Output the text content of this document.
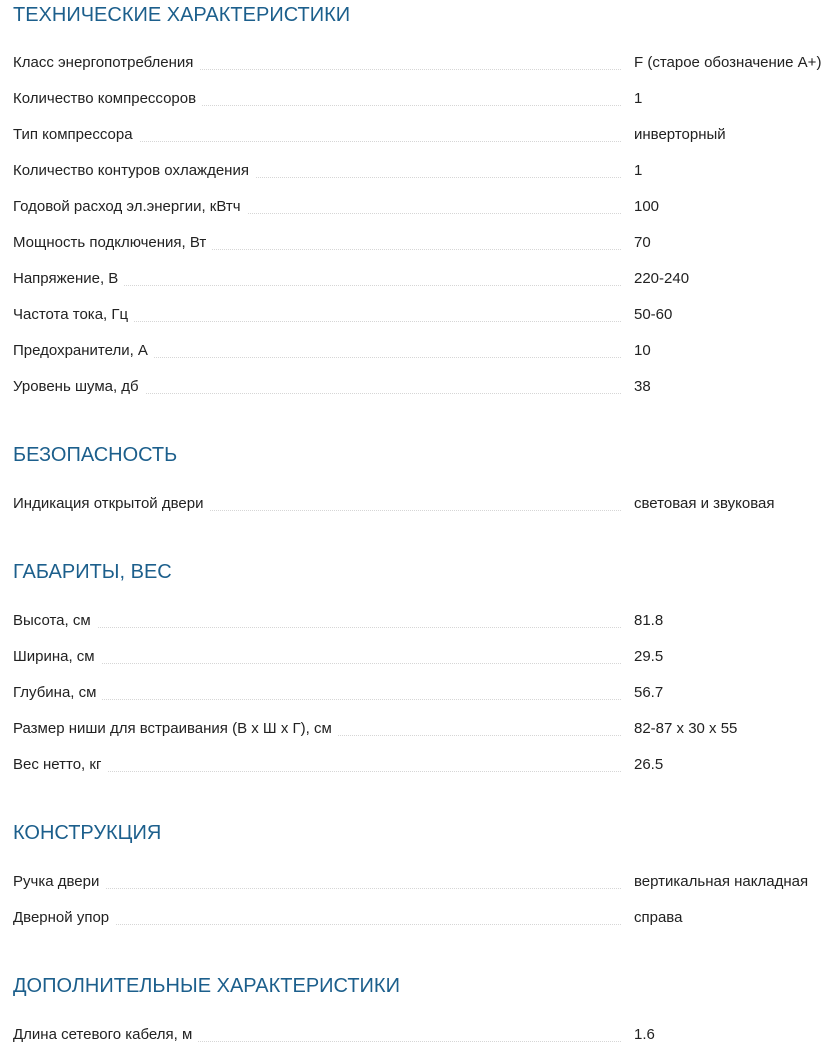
ТЕХНИЧЕСКИЕ ХАРАКТЕРИСТИКИ
Класс энергопотребления	F (старое обозначение А+)
Количество компрессоров	1
Тип компрессора	инверторный
Количество контуров охлаждения	1
Годовой расход эл.энергии, кВтч	100
Мощность подключения, Вт	70
Напряжение, В	220-240
Частота тока, Гц	50-60
Предохранители, А	10
Уровень шума, дб	38
БЕЗОПАСНОСТЬ
Индикация открытой двери	световая и звуковая
ГАБАРИТЫ, ВЕС
Высота, см	81.8
Ширина, см	29.5
Глубина, см	56.7
Размер ниши для встраивания (В х Ш х Г), см	82-87 х 30 х 55
Вес нетто, кг	26.5
КОНСТРУКЦИЯ
Ручка двери	вертикальная накладная
Дверной упор	справа
ДОПОЛНИТЕЛЬНЫЕ ХАРАКТЕРИСТИКИ
Длина сетевого кабеля, м	1.6
